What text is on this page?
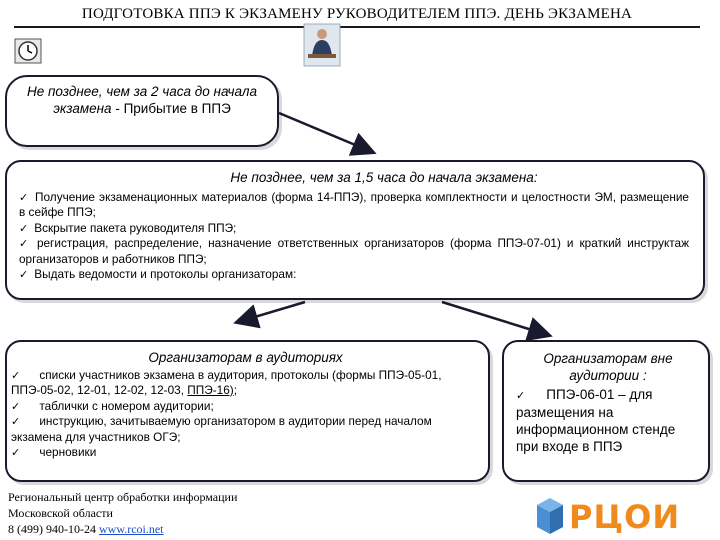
ПОДГОТОВКА ППЭ К ЭКЗАМЕНУ РУКОВОДИТЕЛЕМ ППЭ. ДЕНЬ ЭКЗАМЕНА
Не позднее, чем за 2 часа до начала экзамена - Прибытие в ППЭ
Не позднее, чем за 1,5 часа до начала экзамена:
✓ Получение экзаменационных материалов (форма 14-ППЭ), проверка комплектности и целостности ЭМ, размещение в сейфе ППЭ;
✓ Вскрытие пакета руководителя ППЭ;
✓ регистрация, распределение, назначение ответственных организаторов (форма ППЭ-07-01) и краткий инструктаж организаторов и работников ППЭ;
✓ Выдать ведомости и протоколы организаторам:
Организаторам в аудиториях
✓ списки участников экзамена в аудитория, протоколы (формы ППЭ-05-01, ППЭ-05-02, 12-01, 12-02, 12-03, ППЭ-16);
✓ таблички с номером аудитории;
✓ инструкцию, зачитываемую организатором в аудитории перед началом экзамена для участников ОГЭ;
✓ черновики
Организаторам вне аудитории :
✓ ППЭ-06-01 – для размещения на информационном стенде при входе в ППЭ
Региональный центр обработки информации
Московской области
8 (499) 940-10-24 www.rcoi.net	РЦОИ
